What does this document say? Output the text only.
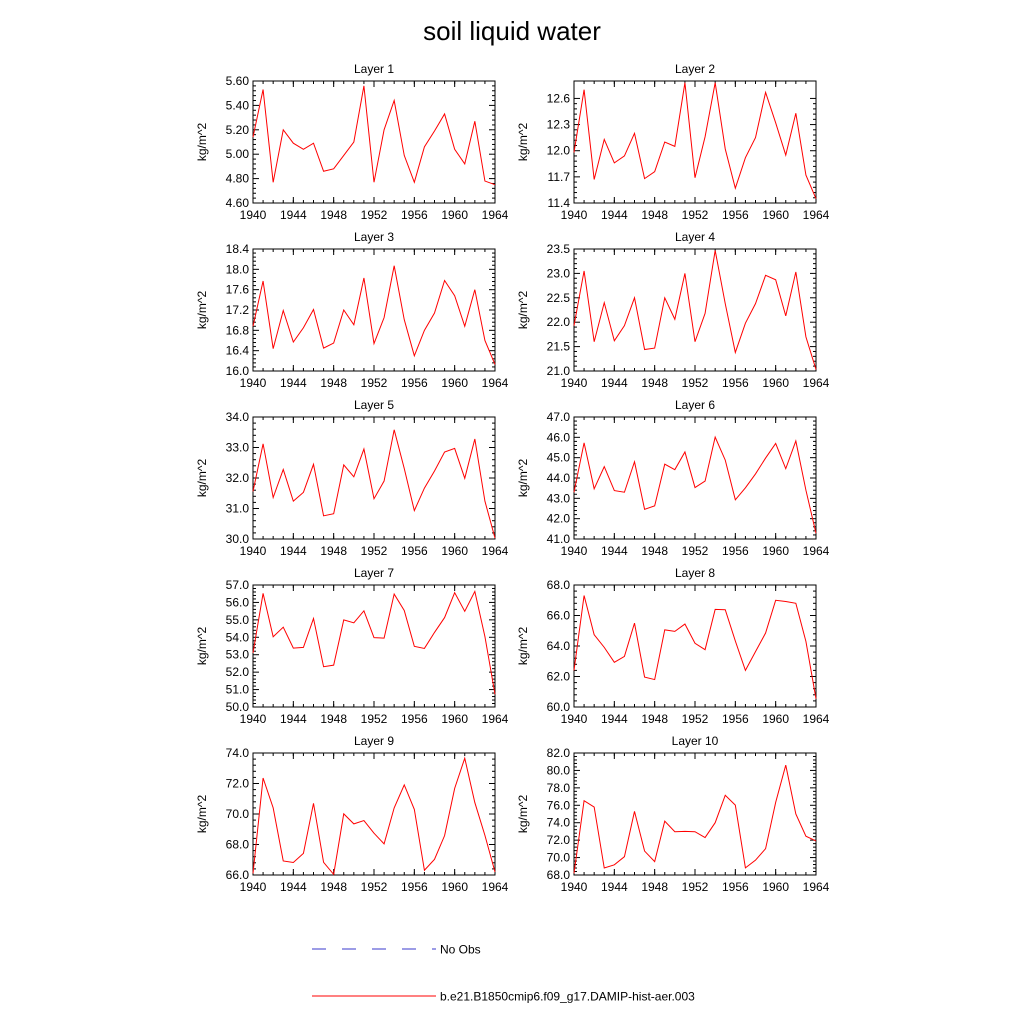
soil liquid water
Layer 1
kg/m^2
1940 1944 1948 1952 1956 1960 1964
4.60
4.80
5.00
5.20
5.40
5.60
Layer 2
kg/m^2
1940 1944 1948 1952 1956 1960 1964
11.4
11.7
12.0
12.3
12.6
Layer 3
kg/m^2
1940 1944 1948 1952 1956 1960 1964
16.0
16.4
16.8
17.2
17.6
18.0
18.4
Layer 4
kg/m^2
1940 1944 1948 1952 1956 1960 1964
21.0
21.5
22.0
22.5
23.0
23.5
Layer 5
kg/m^2
1940 1944 1948 1952 1956 1960 1964
30.0
31.0
32.0
33.0
34.0
Layer 6
kg/m^2
1940 1944 1948 1952 1956 1960 1964
41.0
42.0
43.0
44.0
45.0
46.0
47.0
Layer 7
kg/m^2
1940 1944 1948 1952 1956 1960 1964
50.0
51.0
52.0
53.0
54.0
55.0
56.0
57.0
Layer 8
kg/m^2
1940 1944 1948 1952 1956 1960 1964
60.0
62.0
64.0
66.0
68.0
Layer 9
kg/m^2
1940 1944 1948 1952 1956 1960 1964
66.0
68.0
70.0
72.0
74.0
Layer 10
kg/m^2
1940 1944 1948 1952 1956 1960 1964
68.0
70.0
72.0
74.0
76.0
78.0
80.0
82.0
No Obs
b.e21.B1850cmip6.f09_g17.DAMIP-hist-aer.003
